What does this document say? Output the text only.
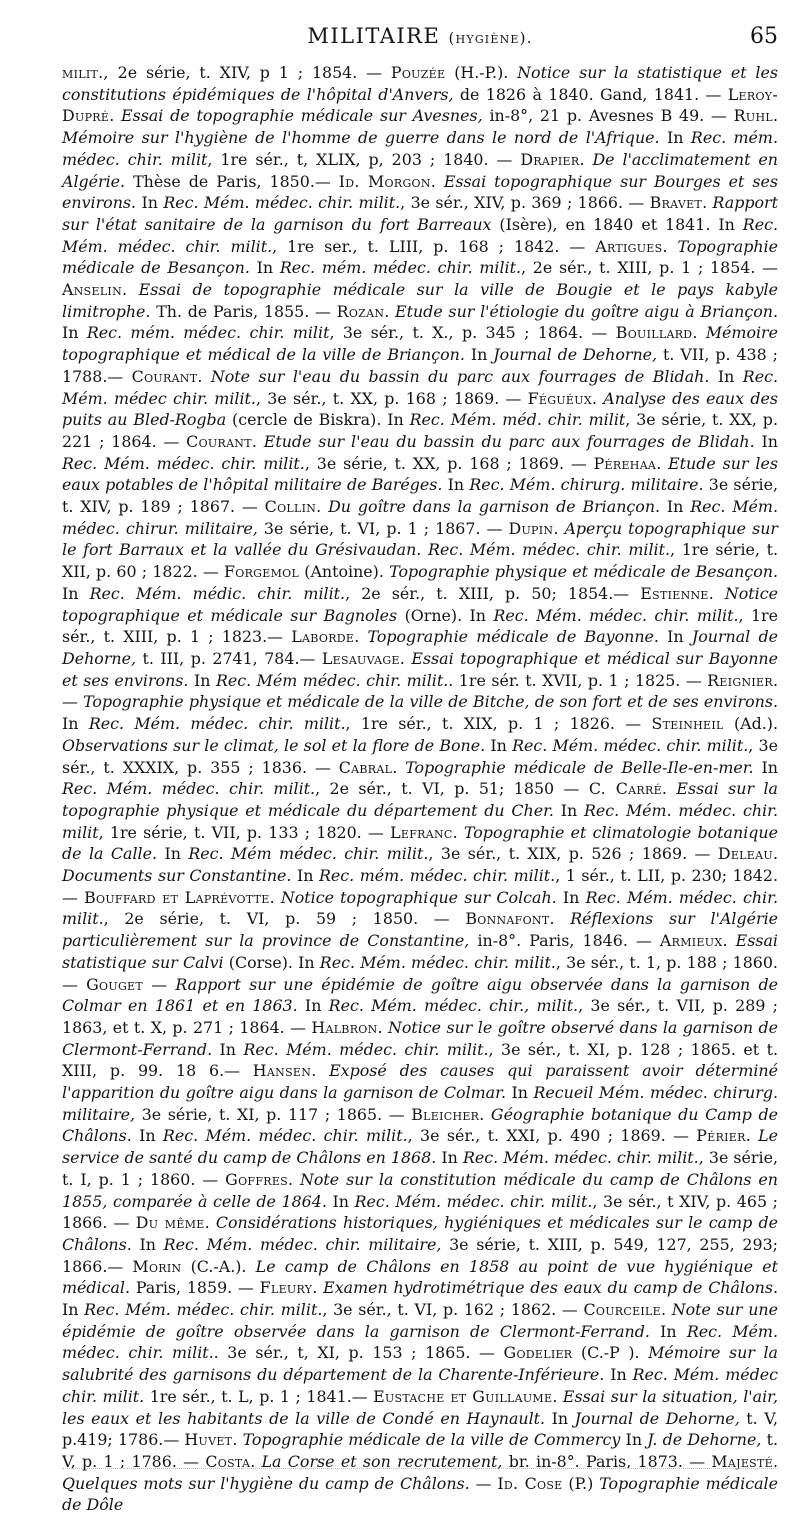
MILITAIRE (hygiène).	65

milit., 2e série, t. XIV, p 1 ; 1854. — Pouzée (H.-P.). Notice sur la statistique et les constitutions épidémiques de l'hôpital d'Anvers, de 1826 à 1840. Gand, 1841. — Leroy-Dupré. Essai de topographie médicale sur Avesnes, in-8°, 21 p. Avesnes B 49. — Ruhl. Mémoire sur l'hygiène de l'homme de guerre dans le nord de l'Afrique. In Rec. mém. médec. chir. milit, 1re sér., t, XLIX, p, 203 ; 1840. — Drapier. De l'acclimatement en Algérie. Thèse de Paris, 1850.— Id. Morgon. Essai topographique sur Bourges et ses environs. In Rec. Mém. médec. chir. milit., 3e sér., XIV, p. 369 ; 1866. — Bravet. Rapport sur l'état sanitaire de la garnison du fort Barreaux (Isère), en 1840 et 1841. In Rec. Mém. médec. chir. milit., 1re ser., t. LIII, p. 168 ; 1842. — Artigues. Topographie médicale de Besançon. In Rec. mém. médec. chir. milit., 2e sér., t. XIII, p. 1 ; 1854. — Anselin. Essai de topographie médicale sur la ville de Bougie et le pays kabyle limitrophe. Th. de Paris, 1855. — Rozan. Etude sur l'étiologie du goître aigu à Briançon. In Rec. mém. médec. chir. milit, 3e sér., t. X., p. 345 ; 1864. — Bouillard. Mémoire topographique et médical de la ville de Briançon. In Journal de Dehorne, t. VII, p. 438 ; 1788.— Courant. Note sur l'eau du bassin du parc aux fourrages de Blidah. In Rec. Mém. médec chir. milit., 3e sér., t. XX, p. 168 ; 1869. — Féguéux. Analyse des eaux des puits au Bled-Rogba (cercle de Biskra). In Rec. Mém. méd. chir. milit, 3e série, t. XX, p. 221 ; 1864. — Courant. Etude sur l'eau du bassin du parc aux fourrages de Blidah. In Rec. Mém. médec. chir. milit., 3e série, t. XX, p. 168 ; 1869. — Pérehaa. Etude sur les eaux potables de l'hôpital militaire de Baréges. In Rec. Mém. chirurg. militaire. 3e série, t. XIV, p. 189 ; 1867. — Collin. Du goître dans la garnison de Briançon. In Rec. Mém. médec. chirur. militaire, 3e série, t. VI, p. 1 ; 1867. — Dupin. Aperçu topographique sur le fort Barraux et la vallée du Grésivaudan. Rec. Mém. médec. chir. milit., 1re série, t. XII, p. 60 ; 1822. — Forgemol (Antoine). Topographie physique et médicale de Besançon. In Rec. Mém. médic. chir. milit., 2e sér., t. XIII, p. 50; 1854.— Estienne. Notice topographique et médicale sur Bagnoles (Orne). In Rec. Mém. médec. chir. milit., 1re sér., t. XIII, p. 1 ; 1823.— Laborde. Topographie médicale de Bayonne. In Journal de Dehorne, t. III, p. 2741, 784.— Lesauvage. Essai topographique et médical sur Bayonne et ses environs. In Rec. Mém médec. chir. milit.. 1re sér. t. XVII, p. 1 ; 1825. — Reignier. — Topographie physique et médicale de la ville de Bitche, de son fort et de ses environs. In Rec. Mém. médec. chir. milit., 1re sér., t. XIX, p. 1 ; 1826. — Steinheil (Ad.). Observations sur le climat, le sol et la flore de Bone. In Rec. Mém. médec. chir. milit., 3e sér., t. XXXIX, p. 355 ; 1836. — Cabral. Topographie médicale de Belle-Ile-en-mer. In Rec. Mém. médec. chir. milit., 2e sér., t. VI, p. 51; 1850 — C. Carré. Essai sur la topographie physique et médicale du département du Cher. In Rec. Mém. médec. chir. milit, 1re série, t. VII, p. 133 ; 1820. — Lefranc. Topographie et climatologie botanique de la Calle. In Rec. Mém médec. chir. milit., 3e sér., t. XIX, p. 526 ; 1869. — Deleau. Documents sur Constantine. In Rec. mém. médec. chir. milit., 1 sér., t. LII, p. 230; 1842. — Bouffard et Laprévotte. Notice topographique sur Colcah. In Rec. Mém. médec. chir. milit., 2e série, t. VI, p. 59 ; 1850. — Bonnafont. Réflexions sur l'Algérie particulièrement sur la province de Constantine, in-8°. Paris, 1846. — Armieux. Essai statistique sur Calvi (Corse). In Rec. Mém. médec. chir. milit., 3e sér., t. 1, p. 188 ; 1860. — Gouget — Rapport sur une épidémie de goître aigu observée dans la garnison de Colmar en 1861 et en 1863. In Rec. Mém. médec. chir., milit., 3e sér., t. VII, p. 289 ; 1863, et t. X, p. 271 ; 1864. — Halbron. Notice sur le goître observé dans la garnison de Clermont-Ferrand. In Rec. Mém. médec. chir. milit., 3e sér., t. XI, p. 128 ; 1865. et t. XIII, p. 99. 18 6.— Hansen. Exposé des causes qui paraissent avoir déterminé l'apparition du goître aigu dans la garnison de Colmar. In Recueil Mém. médec. chirurg. militaire, 3e série, t. XI, p. 117 ; 1865. — Bleicher. Géographie botanique du Camp de Châlons. In Rec. Mém. médec. chir. milit., 3e sér., t. XXI, p. 490 ; 1869. — Périer. Le service de santé du camp de Châlons en 1868. In Rec. Mém. médec. chir. milit., 3e série, t. I, p. 1 ; 1860. — Goffres. Note sur la constitution médicale du camp de Châlons en 1855, comparée à celle de 1864. In Rec. Mém. médec. chir. milit., 3e sér., t XIV, p. 465 ; 1866. — Du même. Considérations historiques, hygiéniques et médicales sur le camp de Châlons. In Rec. Mém. médec. chir. militaire, 3e série, t. XIII, p. 549, 127, 255, 293; 1866.— Morin (C.-A.). Le camp de Châlons en 1858 au point de vue hygiénique et médical. Paris, 1859. — Fleury. Examen hydrotimétrique des eaux du camp de Châlons. In Rec. Mém. médec. chir. milit., 3e sér., t. VI, p. 162 ; 1862. — Courceile. Note sur une épidémie de goître observée dans la garnison de Clermont-Ferrand. In Rec. Mém. médec. chir. milit.. 3e sér., t, XI, p. 153 ; 1865. — Godelier (C.-P ). Mémoire sur la salubrité des garnisons du département de la Charente-Inférieure. In Rec. Mém. médec chir. milit. 1re sér., t. L, p. 1 ; 1841.— Eustache et Guillaume. Essai sur la situation, l'air, les eaux et les habitants de la ville de Condé en Haynault. In Journal de Dehorne, t. V, p.419; 1786.— Huvet. Topographie médicale de la ville de Commercy In J. de Dehorne, t. V, p. 1 ; 1786. — Costa. La Corse et son recrutement, br. in-8°. Paris, 1873. — Majesté. Quelques mots sur l'hygiène du camp de Châlons. — Id. Cose (P.) Topographie médicale de Dôle
